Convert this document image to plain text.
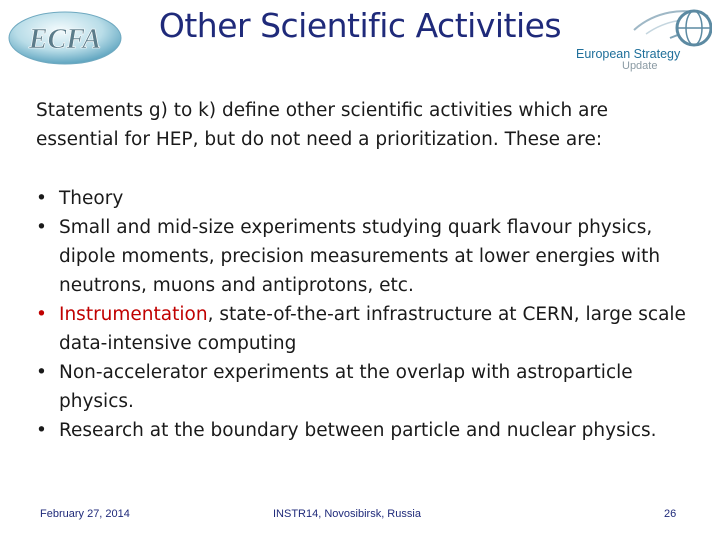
ECFA	Other Scientific Activities
European Strategy
Update
Statements g) to k) define other scientific activities which are essential for HEP, but do not need a prioritization. These are:
• Theory
• Small and mid-size experiments studying quark flavour physics, dipole moments, precision measurements at lower energies with neutrons, muons and antiprotons, etc.
• Instrumentation, state-of-the-art infrastructure at CERN, large scale data-intensive computing
• Non-accelerator experiments at the overlap with astroparticle physics.
• Research at the boundary between particle and nuclear physics.
February 27, 2014	INSTR14, Novosibirsk, Russia	26
